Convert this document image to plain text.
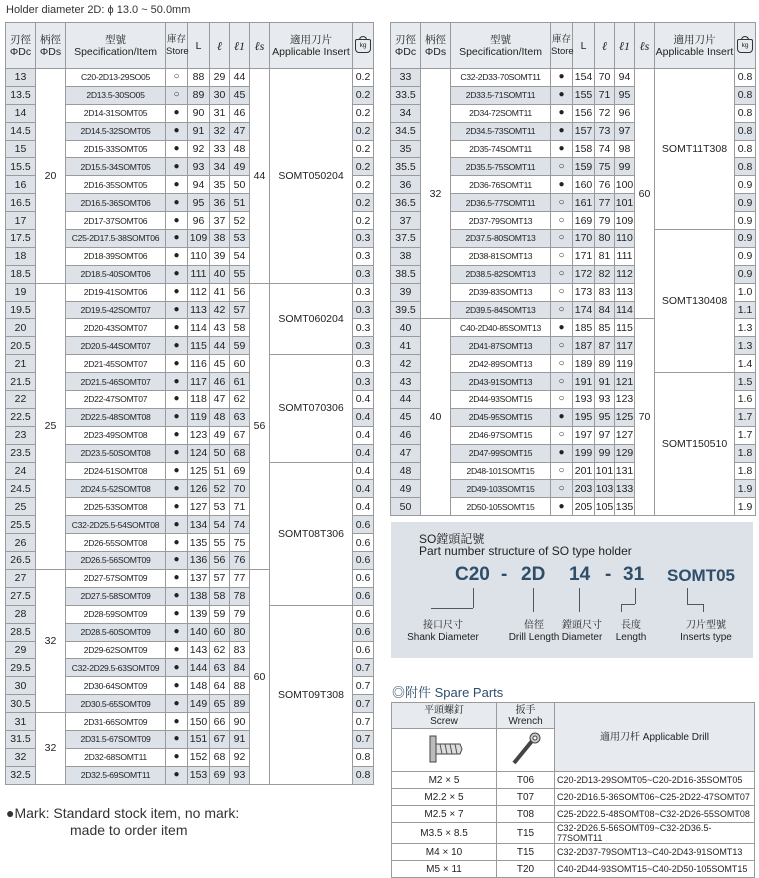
Holder diameter 2D: ϕ 13.0 ~ 50.0mm
刃徑
ΦDc	柄徑
ΦDs	型號
Specification/Item	庫存
Store	L	ℓ	ℓ1	ℓs	適用刀片
Applicable Insert	kg
13	20	C20-2D13-29SO05	○	88	29	44	44	SOMT050204	0.2
13.5		2D13.5-30SO05	○	89	30	45			0.2
14		2D14-31SOMT05	●	90	31	46			0.2
14.5		2D14.5-32SOMT05	●	91	32	47			0.2
15		2D15-33SOMT05	●	92	33	48			0.2
15.5		2D15.5-34SOMT05	●	93	34	49			0.2
16		2D16-35SOMT05	●	94	35	50			0.2
16.5		2D16.5-36SOMT06	●	95	36	51			0.2
17		2D17-37SOMT06	●	96	37	52			0.2
17.5		C25-2D17.5-38SOMT06	●	109	38	53			0.3
18		2D18-39SOMT06	●	110	39	54			0.3
18.5		2D18.5-40SOMT06	●	111	40	55			0.3
19	25	2D19-41SOMT06	●	112	41	56	56	SOMT060204	0.3
19.5		2D19.5-42SOMT07	●	113	42	57			0.3
20		2D20-43SOMT07	●	114	43	58			0.3
20.5		2D20.5-44SOMT07	●	115	44	59			0.3
21		2D21-45SOMT07	●	116	45	60		SOMT070306	0.3
21.5		2D21.5-46SOMT07	●	117	46	61			0.3
22		2D22-47SOMT07	●	118	47	62			0.4
22.5		2D22.5-48SOMT08	●	119	48	63			0.4
23		2D23-49SOMT08	●	123	49	67			0.4
23.5		2D23.5-50SOMT08	●	124	50	68			0.4
24		2D24-51SOMT08	●	125	51	69		SOMT08T306	0.4
24.5		2D24.5-52SOMT08	●	126	52	70			0.4
25		2D25-53SOMT08	●	127	53	71			0.4
25.5		C32-2D25.5-54SOMT08	●	134	54	74			0.6
26		2D26-55SOMT08	●	135	55	75			0.6
26.5		2D26.5-56SOMT09	●	136	56	76			0.6
27	32	2D27-57SOMT09	●	137	57	77	60		0.6
27.5		2D27.5-58SOMT09	●	138	58	78			0.6
28		2D28-59SOMT09	●	139	59	79		SOMT09T308	0.6
28.5		2D28.5-60SOMT09	●	140	60	80			0.6
29		2D29-62SOMT09	●	143	62	83			0.6
29.5		C32-2D29.5-63SOMT09	●	144	63	84			0.7
30		2D30-64SOMT09	●	148	64	88			0.7
30.5		2D30.5-65SOMT09	●	149	65	89			0.7
31	32	2D31-66SOMT09	●	150	66	90			0.7
31.5		2D31.5-67SOMT09	●	151	67	91			0.7
32		2D32-68SOMT11	●	152	68	92			0.8
32.5		2D32.5-69SOMT11	●	153	69	93			0.8
刃徑
ΦDc	柄徑
ΦDs	型號
Specification/Item	庫存
Store	L	ℓ	ℓ1	ℓs	適用刀片
Applicable Insert	kg
33	32	C32-2D33-70SOMT11	●	154	70	94	60	SOMT11T308	0.8
33.5		2D33.5-71SOMT11	●	155	71	95			0.8
34		2D34-72SOMT11	●	156	72	96			0.8
34.5		2D34.5-73SOMT11	●	157	73	97			0.8
35		2D35-74SOMT11	●	158	74	98			0.8
35.5		2D35.5-75SOMT11	○	159	75	99			0.8
36		2D36-76SOMT11	●	160	76	100			0.9
36.5		2D36.5-77SOMT11	○	161	77	101			0.9
37		2D37-79SOMT13	○	169	79	109			0.9
37.5		2D37.5-80SOMT13	○	170	80	110		SOMT130408	0.9
38		2D38-81SOMT13	○	171	81	111			0.9
38.5		2D38.5-82SOMT13	○	172	82	112			0.9
39		2D39-83SOMT13	○	173	83	113			1.0
39.5		2D39.5-84SOMT13	○	174	84	114			1.1
40	40	C40-2D40-85SOMT13	●	185	85	115	70		1.3
41		2D41-87SOMT13	○	187	87	117			1.3
42		2D42-89SOMT13	○	189	89	119			1.4
43		2D43-91SOMT13	○	191	91	121		SOMT150510	1.5
44		2D44-93SOMT15	○	193	93	123			1.6
45		2D45-95SOMT15	●	195	95	125			1.7
46		2D46-97SOMT15	○	197	97	127			1.7
47		2D47-99SOMT15	●	199	99	129			1.8
48		2D48-101SOMT15	○	201	101	131			1.8
49		2D49-103SOMT15	○	203	103	133			1.9
50		2D50-105SOMT15	●	205	105	135			1.9
SO鏜頭記號
Part number structure of SO type holder
C20 - 2D 14 - 31 SOMT05
接口尺寸
Shank Diameter
倍徑
Drill Length
鏜頭尺寸
Diameter
長度
Length
刀片型號
Inserts type
◎附件 Spare Parts
平頭螺釘
Screw	扳手
Wrench	適用刀杆 Applicable Drill

M2 × 5	T06	C20-2D13-29SOMT05~C20-2D16-35SOMT05
M2.2 × 5	T07	C20-2D16.5-36SOMT06~C25-2D22-47SOMT07
M2.5 × 7	T08	C25-2D22.5-48SOMT08~C32-2D26-55SOMT08
M3.5 × 8.5	T15	C32-2D26.5-56SOMT09~C32-2D36.5-77SOMT11
M4 × 10	T15	C32-2D37-79SOMT13~C40-2D43-91SOMT13
M5 × 11	T20	C40-2D44-93SOMT15~C40-2D50-105SOMT15
●Mark: Standard stock item, no mark:
made to order item
